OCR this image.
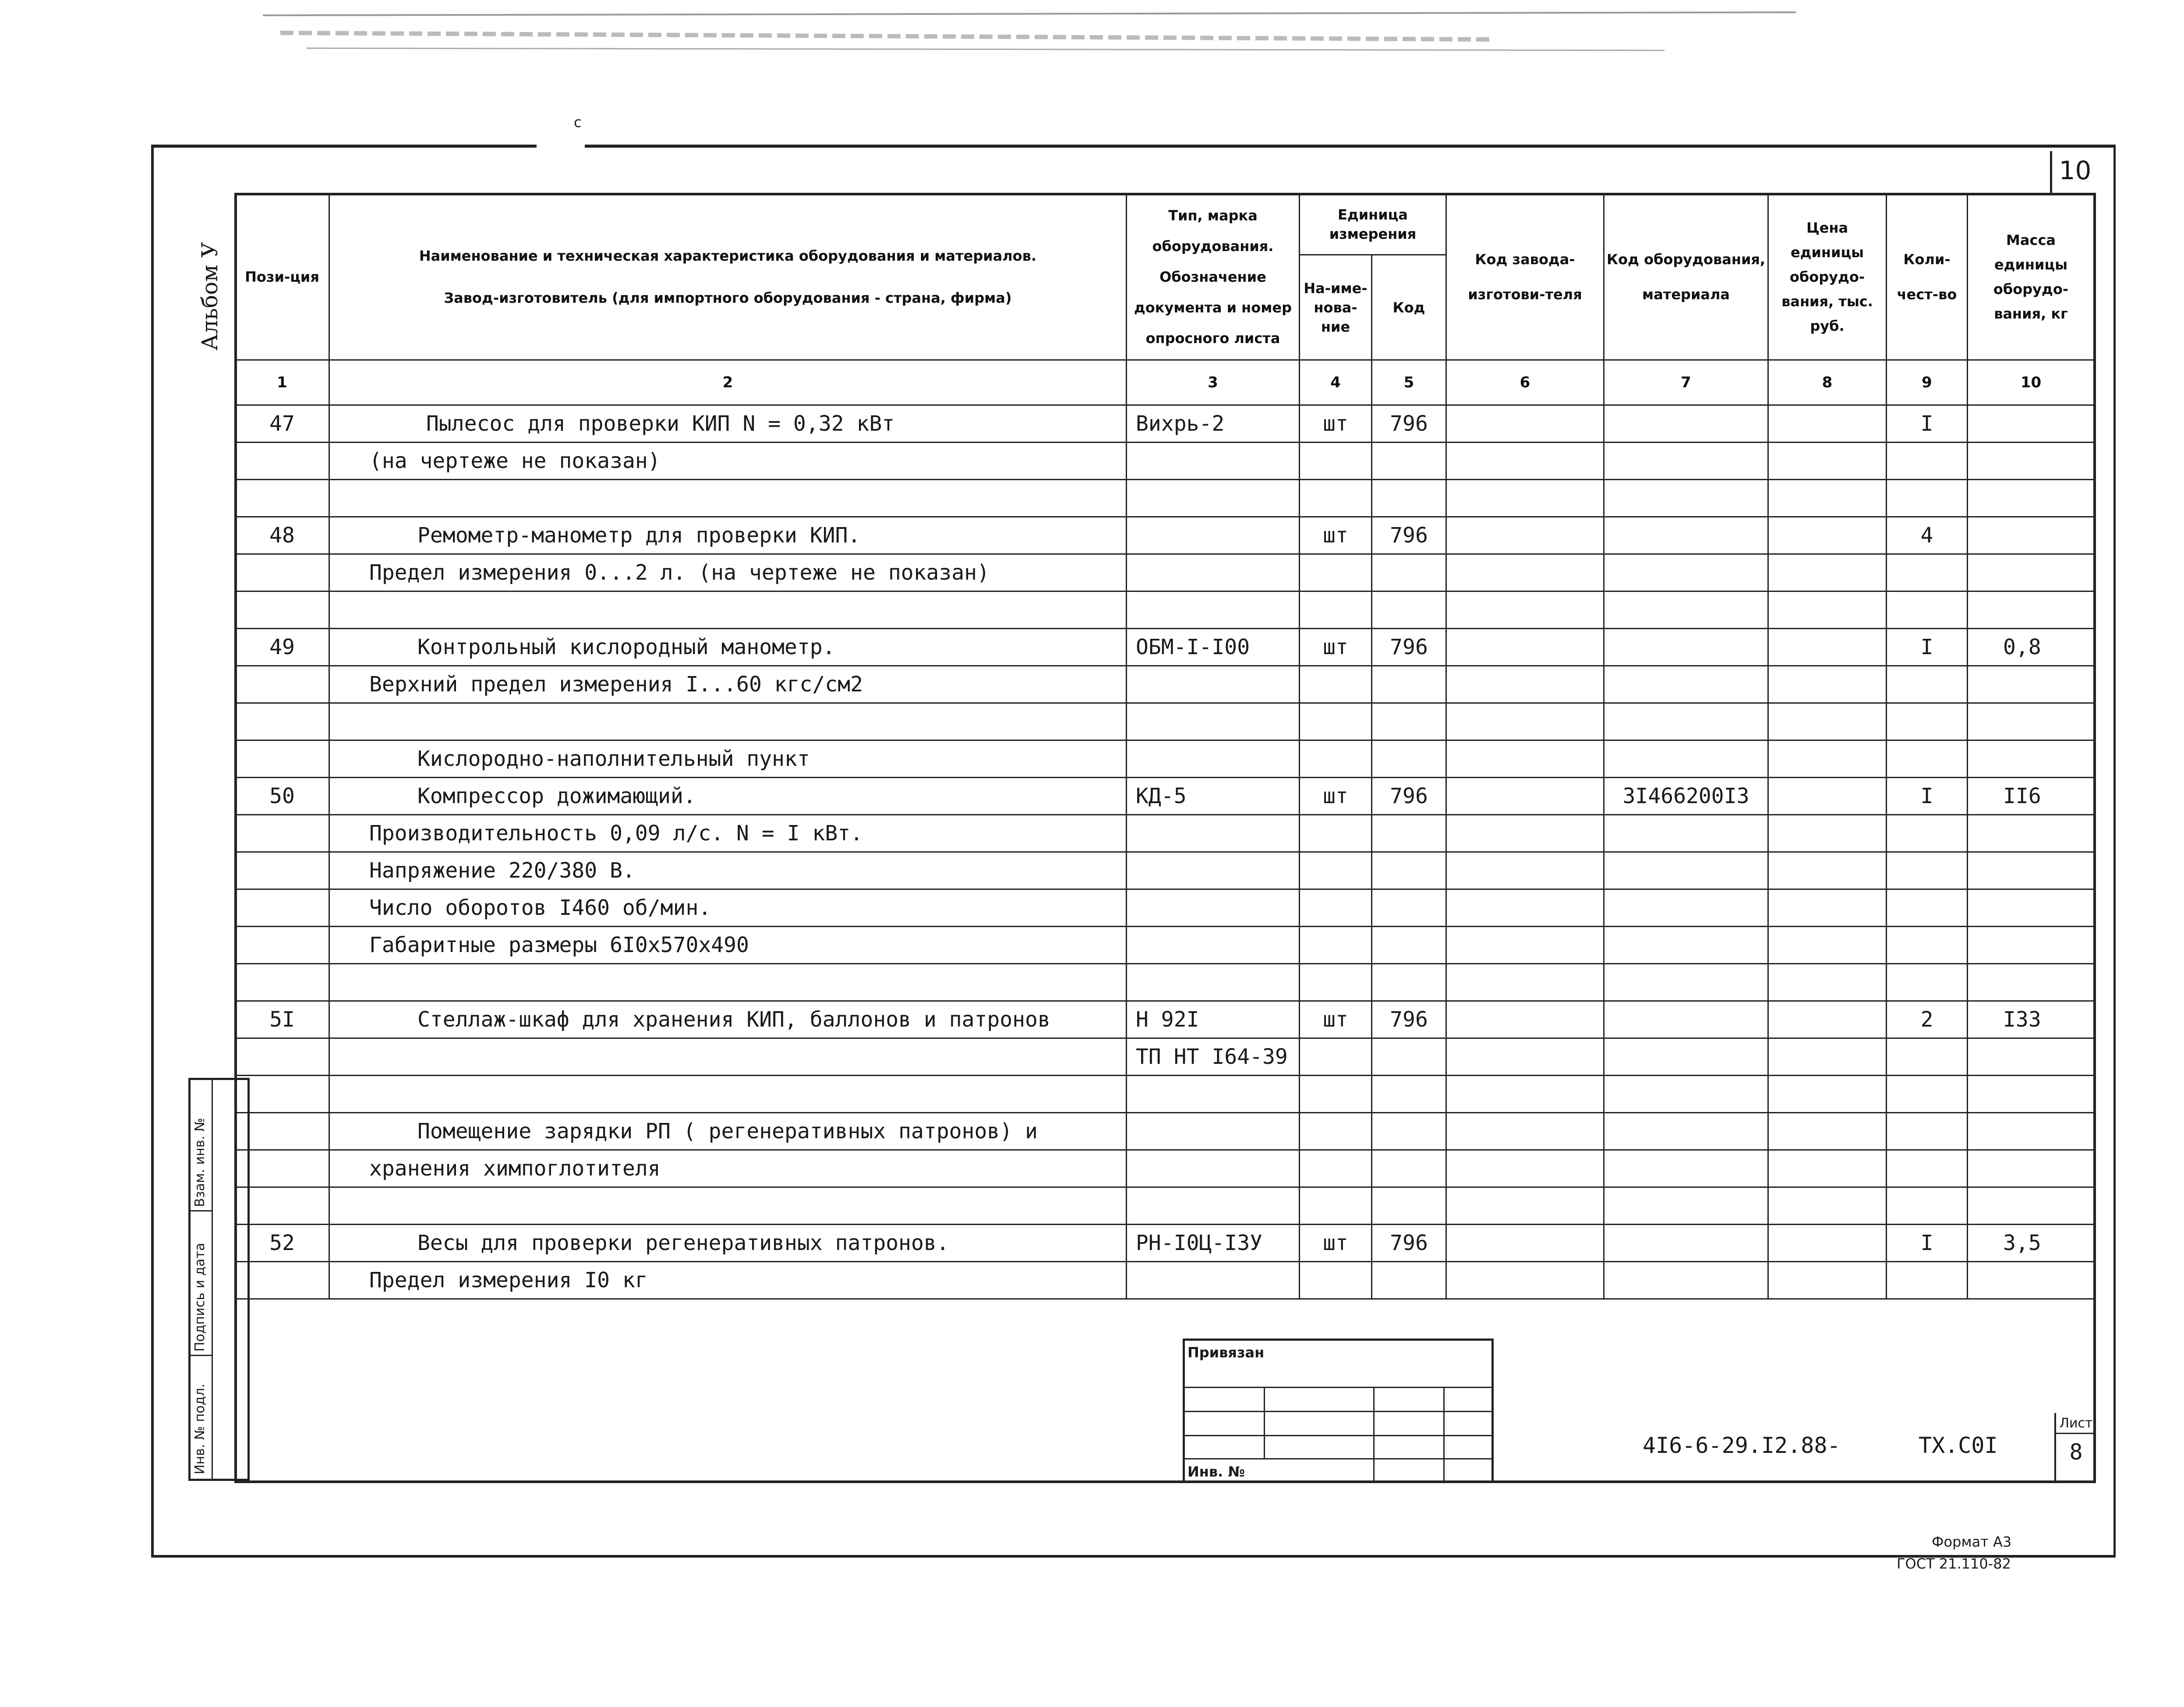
с
10
Альбом У Пози-ция	Наименование и техническая характеристика оборудования и материалов.
Завод-изготовитель (для импортного оборудования - страна, фирма)	Тип, марка оборудования. Обозначение документа и номер опросного листа	Единица измерения		Код завода-изготови-теля	Код оборудования, материала	Цена единицы оборудо-вания, тыс. руб.	Коли-чест-во	Масса единицы оборудо-вания, кг
			На-име-нова-ние	Код					
1	2	3	4	5	6	7	8	9	10
47	Пылесос для проверки КИП N = 0,32 кВт	Вихрь-2	шт	796				I	
	(на чертеже не показан)								

48	Ремометр-манометр для проверки КИП.		шт	796				4	
	Предел измерения 0...2 л. (на чертеже не показан)								

49	Контрольный кислородный манометр.	ОБМ-I-I00	шт	796				I	0,8
	Верхний предел измерения I...60 кгс/см2								

	Кислородно-наполнительный пункт								
50	Компрессор дожимающий.	КД-5	шт	796		3I466200I3		I	II6
	Производительность 0,09 л/с. N = I кВт.								
	Напряжение 220/380 В.								
	Число оборотов I460 об/мин.								
	Габаритные размеры 6I0x570x490								

5I	Стеллаж-шкаф для хранения КИП, баллонов и патронов	Н 92I	шт	796				2	I33
		ТП НТ I64-39							

	Помещение зарядки РП ( регенеративных патронов) и								
	хранения химпоглотителя								

52	Весы для проверки регенеративных патронов.	РН-I0Ц-I3У	шт	796				I	3,5
	Предел измерения I0 кг								
Взам. инв. №
Подпись и дата
Инв. № подл.
Привязан
Инв. №
4I6-6-29.I2.88-	ТХ.С0I
Лист
8
Формат А3
ГОСТ 21.110-82
